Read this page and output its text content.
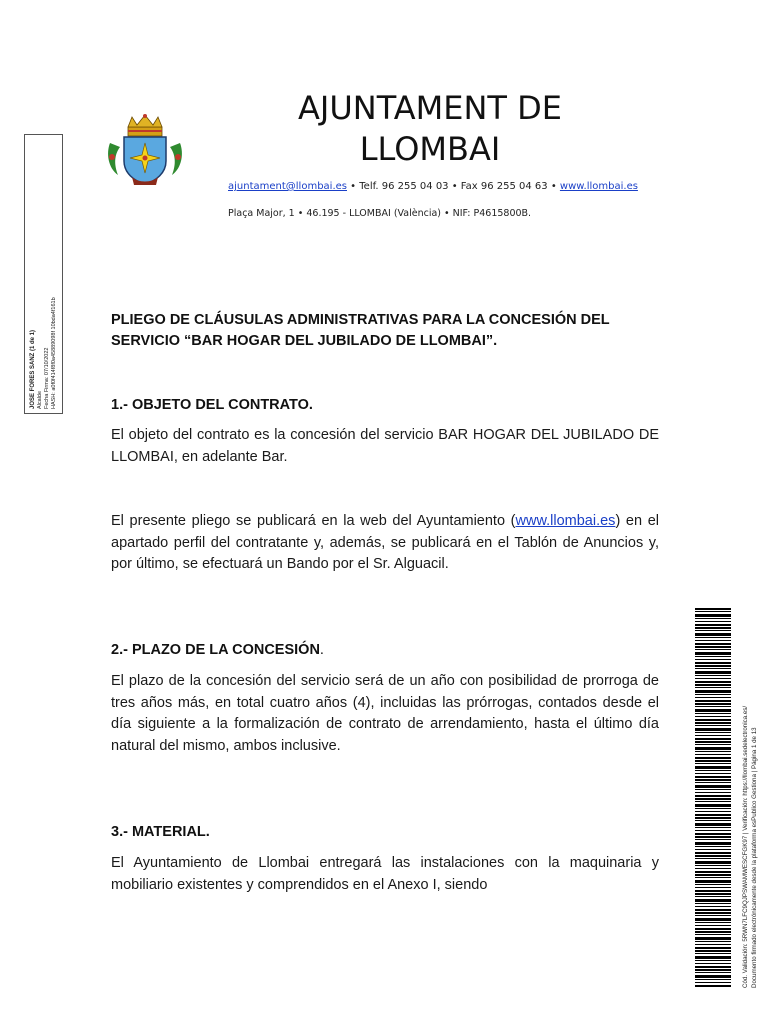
JOSE FORES SANZ (1 de 1) Alcalde Fecha Firma: 07/10/2022 HASH: a0f0f414f8f0a45889098f 10bda4f161b
AJUNTAMENT DE LLOMBAI
ajuntament@llombai.es • Telf. 96 255 04 03 • Fax 96 255 04 63 • www.llombai.es
Plaça Major, 1 • 46.195 - LLOMBAI (València) • NIF: P4615800B.

PLIEGO DE CLÁUSULAS ADMINISTRATIVAS PARA LA CONCESIÓN DEL SERVICIO “BAR HOGAR DEL JUBILADO DE LLOMBAI”.

1.- OBJETO DEL CONTRATO.

El objeto del contrato es la concesión del servicio BAR HOGAR DEL JUBILADO DE LLOMBAI, en adelante Bar.

El presente pliego se publicará en la web del Ayuntamiento (www.llombai.es) en el apartado perfil del contratante y, además, se publicará en el Tablón de Anuncios y, por último, se efectuará un Bando por el Sr. Alguacil.

2.- PLAZO DE LA CONCESIÓN.

El plazo de la concesión del servicio será de un año con posibilidad de prorroga de tres años más, en total cuatro años (4), incluidas las prórrogas, contados desde el día siguiente a la formalización de contrato de arrendamiento, hasta el último día natural del mismo, ambos inclusive.

3.- MATERIAL.

El Ayuntamiento de Llombai entregará las instalaciones con la maquinaria y mobiliario existentes y comprendidos en el Anexo I, siendo	Cód. Validación: 5RWN7LFC9QJPSWAMWESCFGK97 | Verificación: https://llombai.sedelectronica.es/ Documento firmado electrónicamente desde la plataforma esPublico Gestiona | Página 1 de 13
